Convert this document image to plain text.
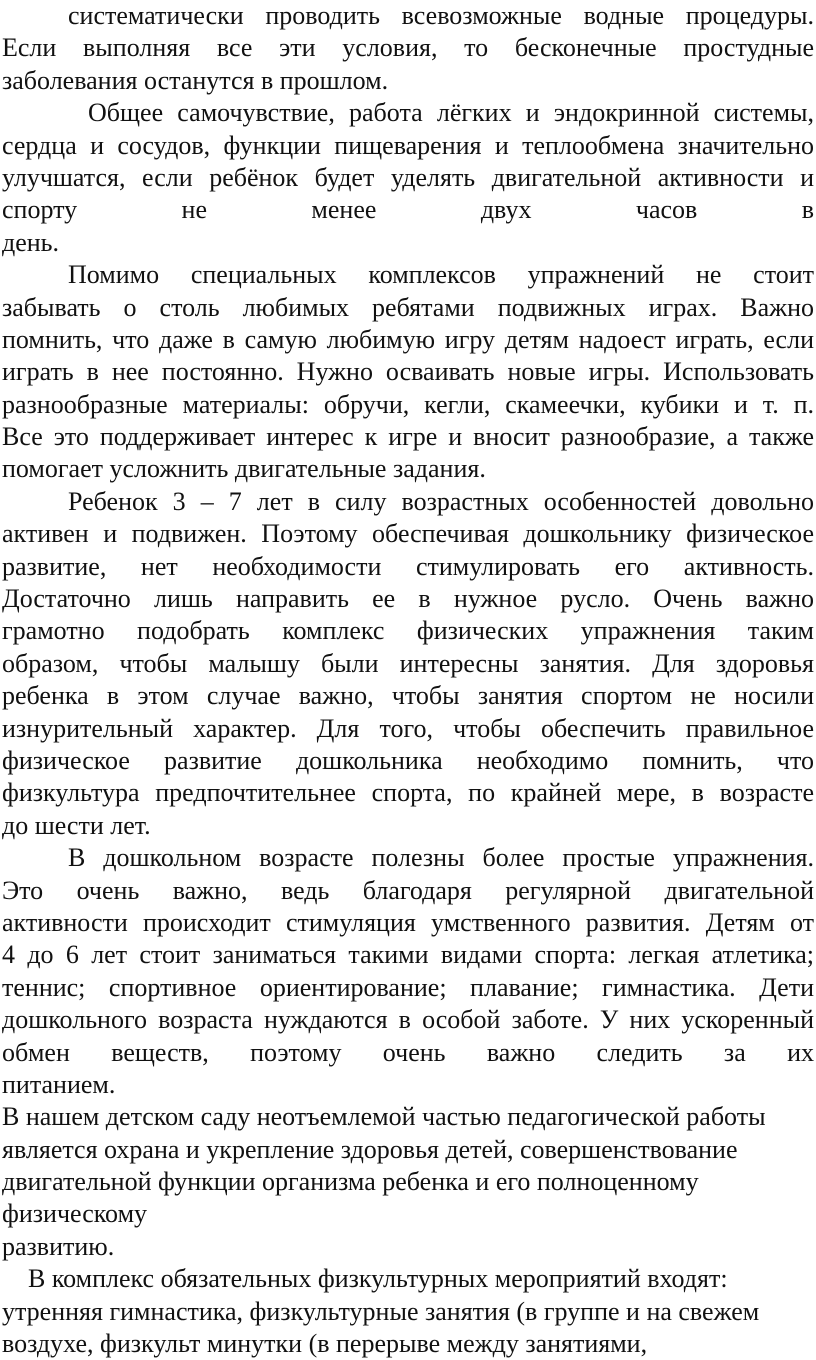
систематически проводить всевозможные водные процедуры.
Если выполняя все эти условия, то бесконечные простудные
заболевания останутся в прошлом.
Общее самочувствие, работа лёгких и эндокринной системы,
сердца и сосудов, функции пищеварения и теплообмена значительно
улучшатся, если ребёнок будет уделять двигательной активности и
спорту не менее двух часов в
день.
Помимо специальных комплексов упражнений не стоит
забывать о столь любимых ребятами подвижных играх. Важно
помнить, что даже в самую любимую игру детям надоест играть, если
играть в нее постоянно. Нужно осваивать новые игры. Использовать
разнообразные материалы: обручи, кегли, скамеечки, кубики и т. п.
Все это поддерживает интерес к игре и вносит разнообразие, а также
помогает усложнить двигательные задания.
Ребенок 3 – 7 лет в силу возрастных особенностей довольно
активен и подвижен. Поэтому обеспечивая дошкольнику физическое
развитие, нет необходимости стимулировать его активность.
Достаточно лишь направить ее в нужное русло. Очень важно
грамотно подобрать комплекс физических упражнения таким
образом, чтобы малышу были интересны занятия. Для здоровья
ребенка в этом случае важно, чтобы занятия спортом не носили
изнурительный характер. Для того, чтобы обеспечить правильное
физическое развитие дошкольника необходимо помнить, что
физкультура предпочтительнее спорта, по крайней мере, в возрасте
до шести лет.
В дошкольном возрасте полезны более простые упражнения.
Это очень важно, ведь благодаря регулярной двигательной
активности происходит стимуляция умственного развития. Детям от
4 до 6 лет стоит заниматься такими видами спорта: легкая атлетика;
теннис; спортивное ориентирование; плавание; гимнастика. Дети
дошкольного возраста нуждаются в особой заботе. У них ускоренный
обмен веществ, поэтому очень важно следить за их
питанием.
В нашем детском саду неотъемлемой частью педагогической работы
является охрана и укрепление здоровья детей, совершенствование
двигательной функции организма ребенка и его полноценному
физическому
развитию.
В комплекс обязательных физкультурных мероприятий входят:
утренняя гимнастика, физкультурные занятия (в группе и на свежем
воздухе, физкульт минутки (в перерыве между занятиями,
